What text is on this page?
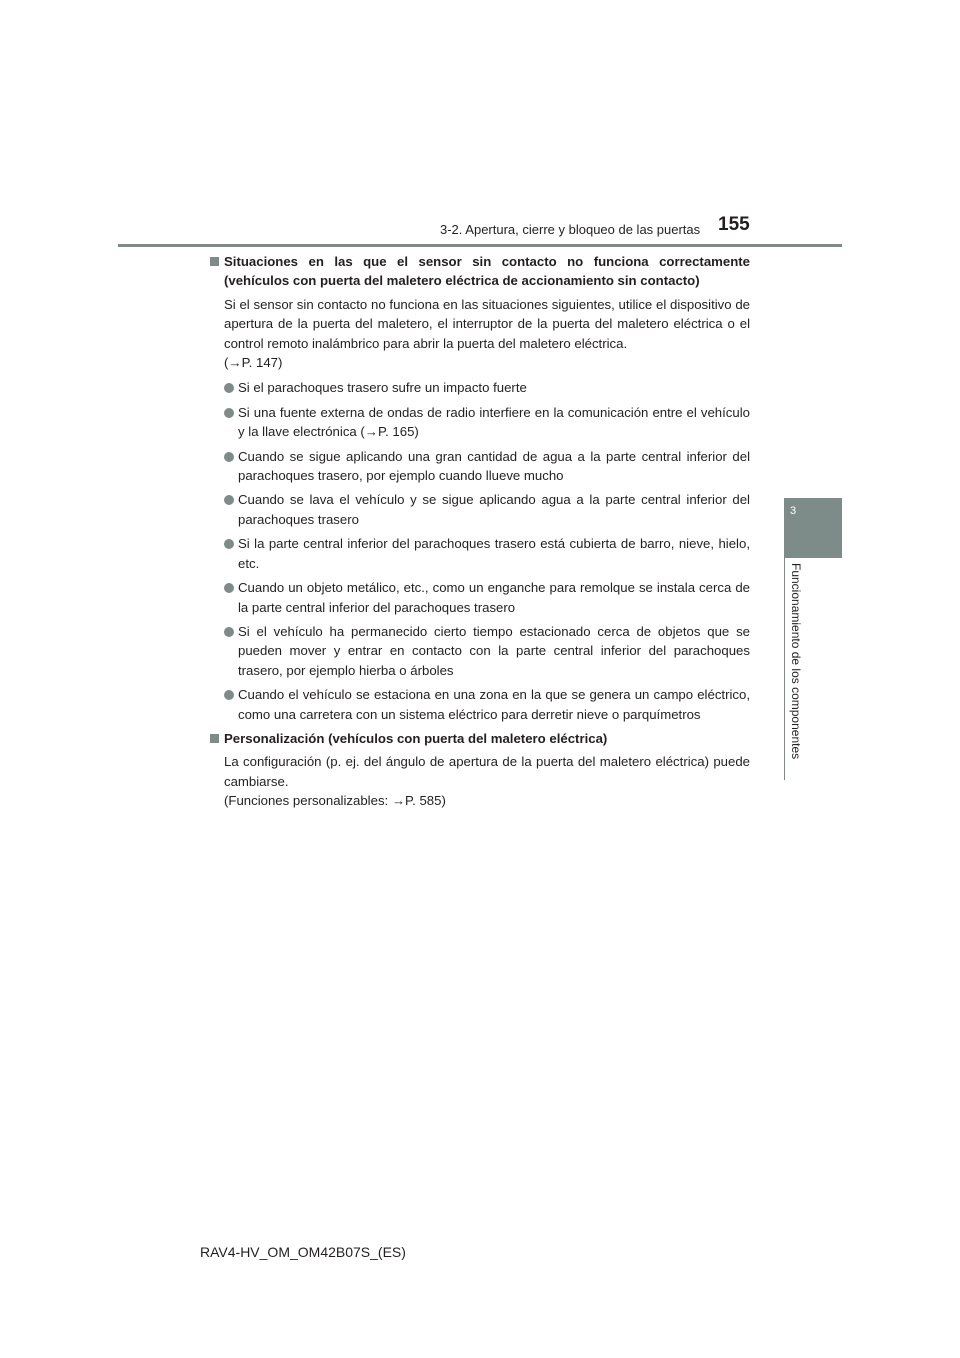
3-2. Apertura, cierre y bloqueo de las puertas 155
3
Funcionamiento de los componentes
Situaciones en las que el sensor sin contacto no funciona correctamente (vehículos con puerta del maletero eléctrica de accionamiento sin contacto)
Si el sensor sin contacto no funciona en las situaciones siguientes, utilice el dispositivo de apertura de la puerta del maletero, el interruptor de la puerta del maletero eléctrica o el control remoto inalámbrico para abrir la puerta del maletero eléctrica.
(→P. 147)
Si el parachoques trasero sufre un impacto fuerte
Si una fuente externa de ondas de radio interfiere en la comunicación entre el vehículo y la llave electrónica (→P. 165)
Cuando se sigue aplicando una gran cantidad de agua a la parte central inferior del parachoques trasero, por ejemplo cuando llueve mucho
Cuando se lava el vehículo y se sigue aplicando agua a la parte central inferior del parachoques trasero
Si la parte central inferior del parachoques trasero está cubierta de barro, nieve, hielo, etc.
Cuando un objeto metálico, etc., como un enganche para remolque se instala cerca de la parte central inferior del parachoques trasero
Si el vehículo ha permanecido cierto tiempo estacionado cerca de objetos que se pueden mover y entrar en contacto con la parte central inferior del parachoques trasero, por ejemplo hierba o árboles
Cuando el vehículo se estaciona en una zona en la que se genera un campo eléctrico, como una carretera con un sistema eléctrico para derretir nieve o parquímetros
Personalización (vehículos con puerta del maletero eléctrica)
La configuración (p. ej. del ángulo de apertura de la puerta del maletero eléctrica) puede cambiarse.
(Funciones personalizables: →P. 585)
RAV4-HV_OM_OM42B07S_(ES)
